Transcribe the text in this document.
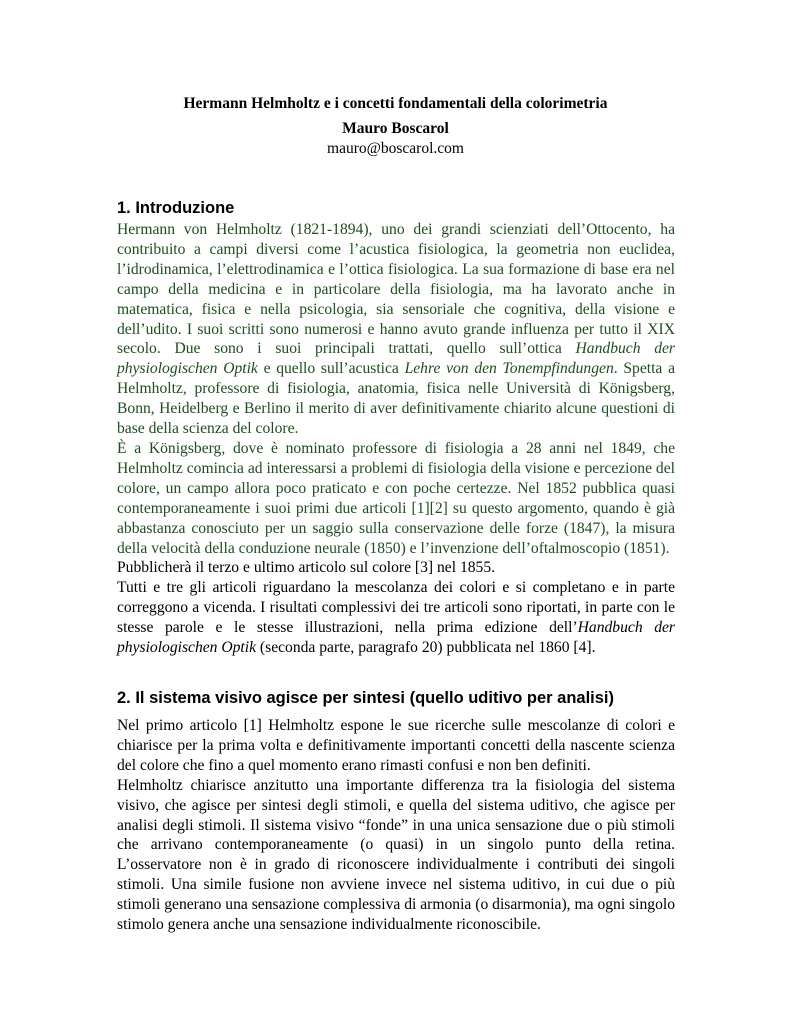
Hermann Helmholtz e i concetti fondamentali della colorimetria
Mauro Boscarol
mauro@boscarol.com
1. Introduzione

Hermann von Helmholtz (1821-1894), uno dei grandi scienziati dell’Ottocento, ha contribuito a campi diversi come l’acustica fisiologica, la geometria non euclidea, l’idrodinamica, l’elettrodinamica e l’ottica fisiologica. La sua formazione di base era nel campo della medicina e in particolare della fisiologia, ma ha lavorato anche in matematica, fisica e nella psicologia, sia sensoriale che cognitiva, della visione e dell’udito. I suoi scritti sono numerosi e hanno avuto grande influenza per tutto il XIX secolo. Due sono i suoi principali trattati, quello sull’ottica Handbuch der physiologischen Optik e quello sull’acustica Lehre von den Tonempfindungen. Spetta a Helmholtz, professore di fisiologia, anatomia, fisica nelle Università di Königsberg, Bonn, Heidelberg e Berlino il merito di aver definitivamente chiarito alcune questioni di base della scienza del colore.

È a Königsberg, dove è nominato professore di fisiologia a 28 anni nel 1849, che Helmholtz comincia ad interessarsi a problemi di fisiologia della visione e percezione del colore, un campo allora poco praticato e con poche certezze. Nel 1852 pubblica quasi contemporaneamente i suoi primi due articoli [1][2] su questo argomento, quando è già abbastanza conosciuto per un saggio sulla conservazione delle forze (1847), la misura della velocità della conduzione neurale (1850) e l’invenzione dell’oftalmoscopio (1851).
Pubblicherà il terzo e ultimo articolo sul colore [3] nel 1855.

Tutti e tre gli articoli riguardano la mescolanza dei colori e si completano e in parte correggono a vicenda. I risultati complessivi dei tre articoli sono riportati, in parte con le stesse parole e le stesse illustrazioni, nella prima edizione dell’Handbuch der physiologischen Optik (seconda parte, paragrafo 20) pubblicata nel 1860 [4].

2. Il sistema visivo agisce per sintesi (quello uditivo per analisi)

Nel primo articolo [1] Helmholtz espone le sue ricerche sulle mescolanze di colori e chiarisce per la prima volta e definitivamente importanti concetti della nascente scienza del colore che fino a quel momento erano rimasti confusi e non ben definiti.

Helmholtz chiarisce anzitutto una importante differenza tra la fisiologia del sistema visivo, che agisce per sintesi degli stimoli, e quella del sistema uditivo, che agisce per analisi degli stimoli. Il sistema visivo “fonde” in una unica sensazione due o più stimoli che arrivano contemporaneamente (o quasi) in un singolo punto della retina. L’osservatore non è in grado di riconoscere individualmente i contributi dei singoli stimoli. Una simile fusione non avviene invece nel sistema uditivo, in cui due o più stimoli generano una sensazione complessiva di armonia (o disarmonia), ma ogni singolo stimolo genera anche una sensazione individualmente riconoscibile.
